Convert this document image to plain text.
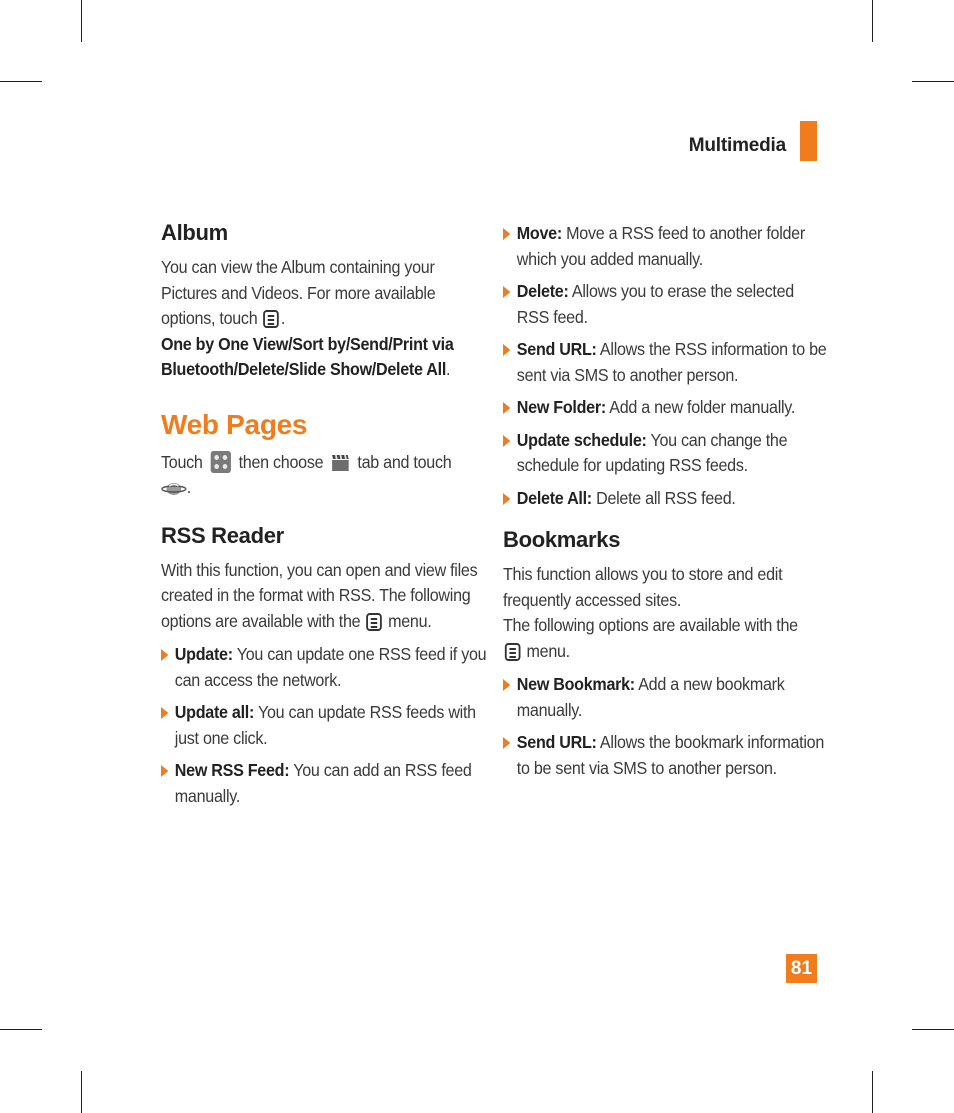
Multimedia
Album

You can view the Album containing your Pictures and Videos. For more available options, touch .
One by One View/Sort by/Send/Print via Bluetooth/Delete/Slide Show/Delete All.

Web Pages

Touch then choose tab and touch
.

RSS Reader

With this function, you can open and view files created in the format with RSS. The following options are available with the menu.

Update: You can update one RSS feed if you can access the network.
Update all: You can update RSS feeds with just one click.
New RSS Feed: You can add an RSS feed manually.
Move: Move a RSS feed to another folder which you added manually.
Delete: Allows you to erase the selected RSS feed.
Send URL: Allows the RSS information to be sent via SMS to another person.
New Folder: Add a new folder manually.
Update schedule: You can change the schedule for updating RSS feeds.
Delete All: Delete all RSS feed.
Bookmarks

This function allows you to store and edit frequently accessed sites.
The following options are available with the  menu.

New Bookmark: Add a new bookmark manually.
Send URL: Allows the bookmark information to be sent via SMS to another person.
81
